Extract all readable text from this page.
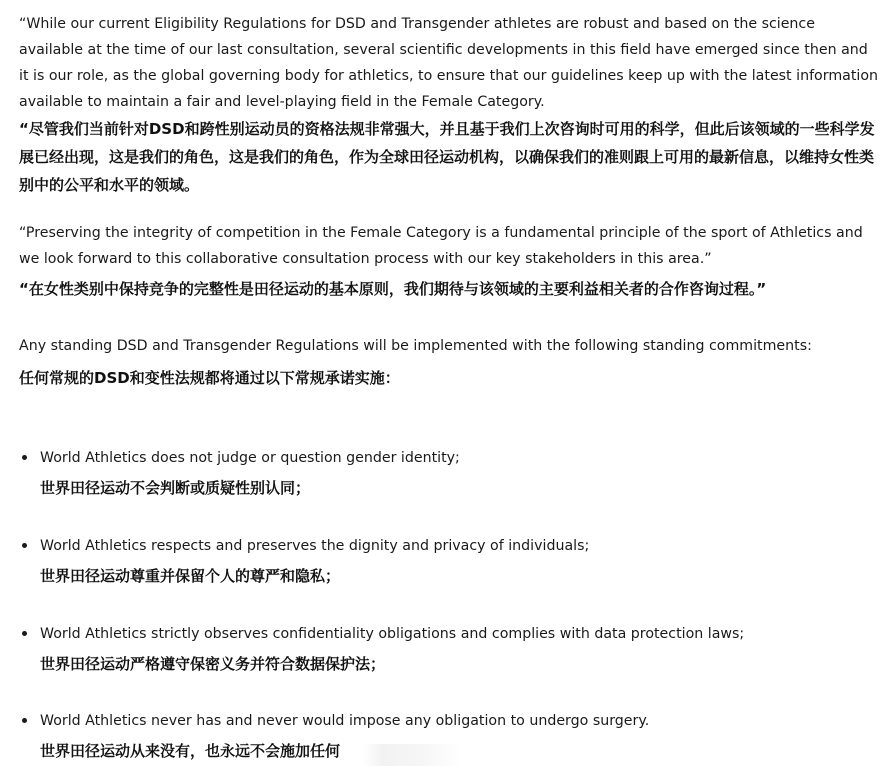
“While our current Eligibility Regulations for DSD and Transgender athletes are robust and based on the science available at the time of our last consultation, several scientific developments in this field have emerged since then and it is our role, as the global governing body for athletics, to ensure that our guidelines keep up with the latest information available to maintain a fair and level-playing field in the Female Category.

“尽管我们当前针对DSD和跨性别运动员的资格法规非常强大，并且基于我们上次咨询时可用的科学，但此后该领域的一些科学发展已经出现，这是我们的角色，这是我们的角色，作为全球田径运动机构，以确保我们的准则跟上可用的最新信息，以维持女性类别中的公平和水平的领域。

“Preserving the integrity of competition in the Female Category is a fundamental principle of the sport of Athletics and we look forward to this collaborative consultation process with our key stakeholders in this area.”

“在女性类别中保持竞争的完整性是田径运动的基本原则，我们期待与该领域的主要利益相关者的合作咨询过程。”

Any standing DSD and Transgender Regulations will be implemented with the following standing commitments:

任何常规的DSD和变性法规都将通过以下常规承诺实施：

World Athletics does not judge or question gender identity;
世界田径运动不会判断或质疑性别认同；
World Athletics respects and preserves the dignity and privacy of individuals;
世界田径运动尊重并保留个人的尊严和隐私；
World Athletics strictly observes confidentiality obligations and complies with data protection laws;
世界田径运动严格遵守保密义务并符合数据保护法；
World Athletics never has and never would impose any obligation to undergo surgery.
世界田径运动从来没有，也永远不会施加任何
